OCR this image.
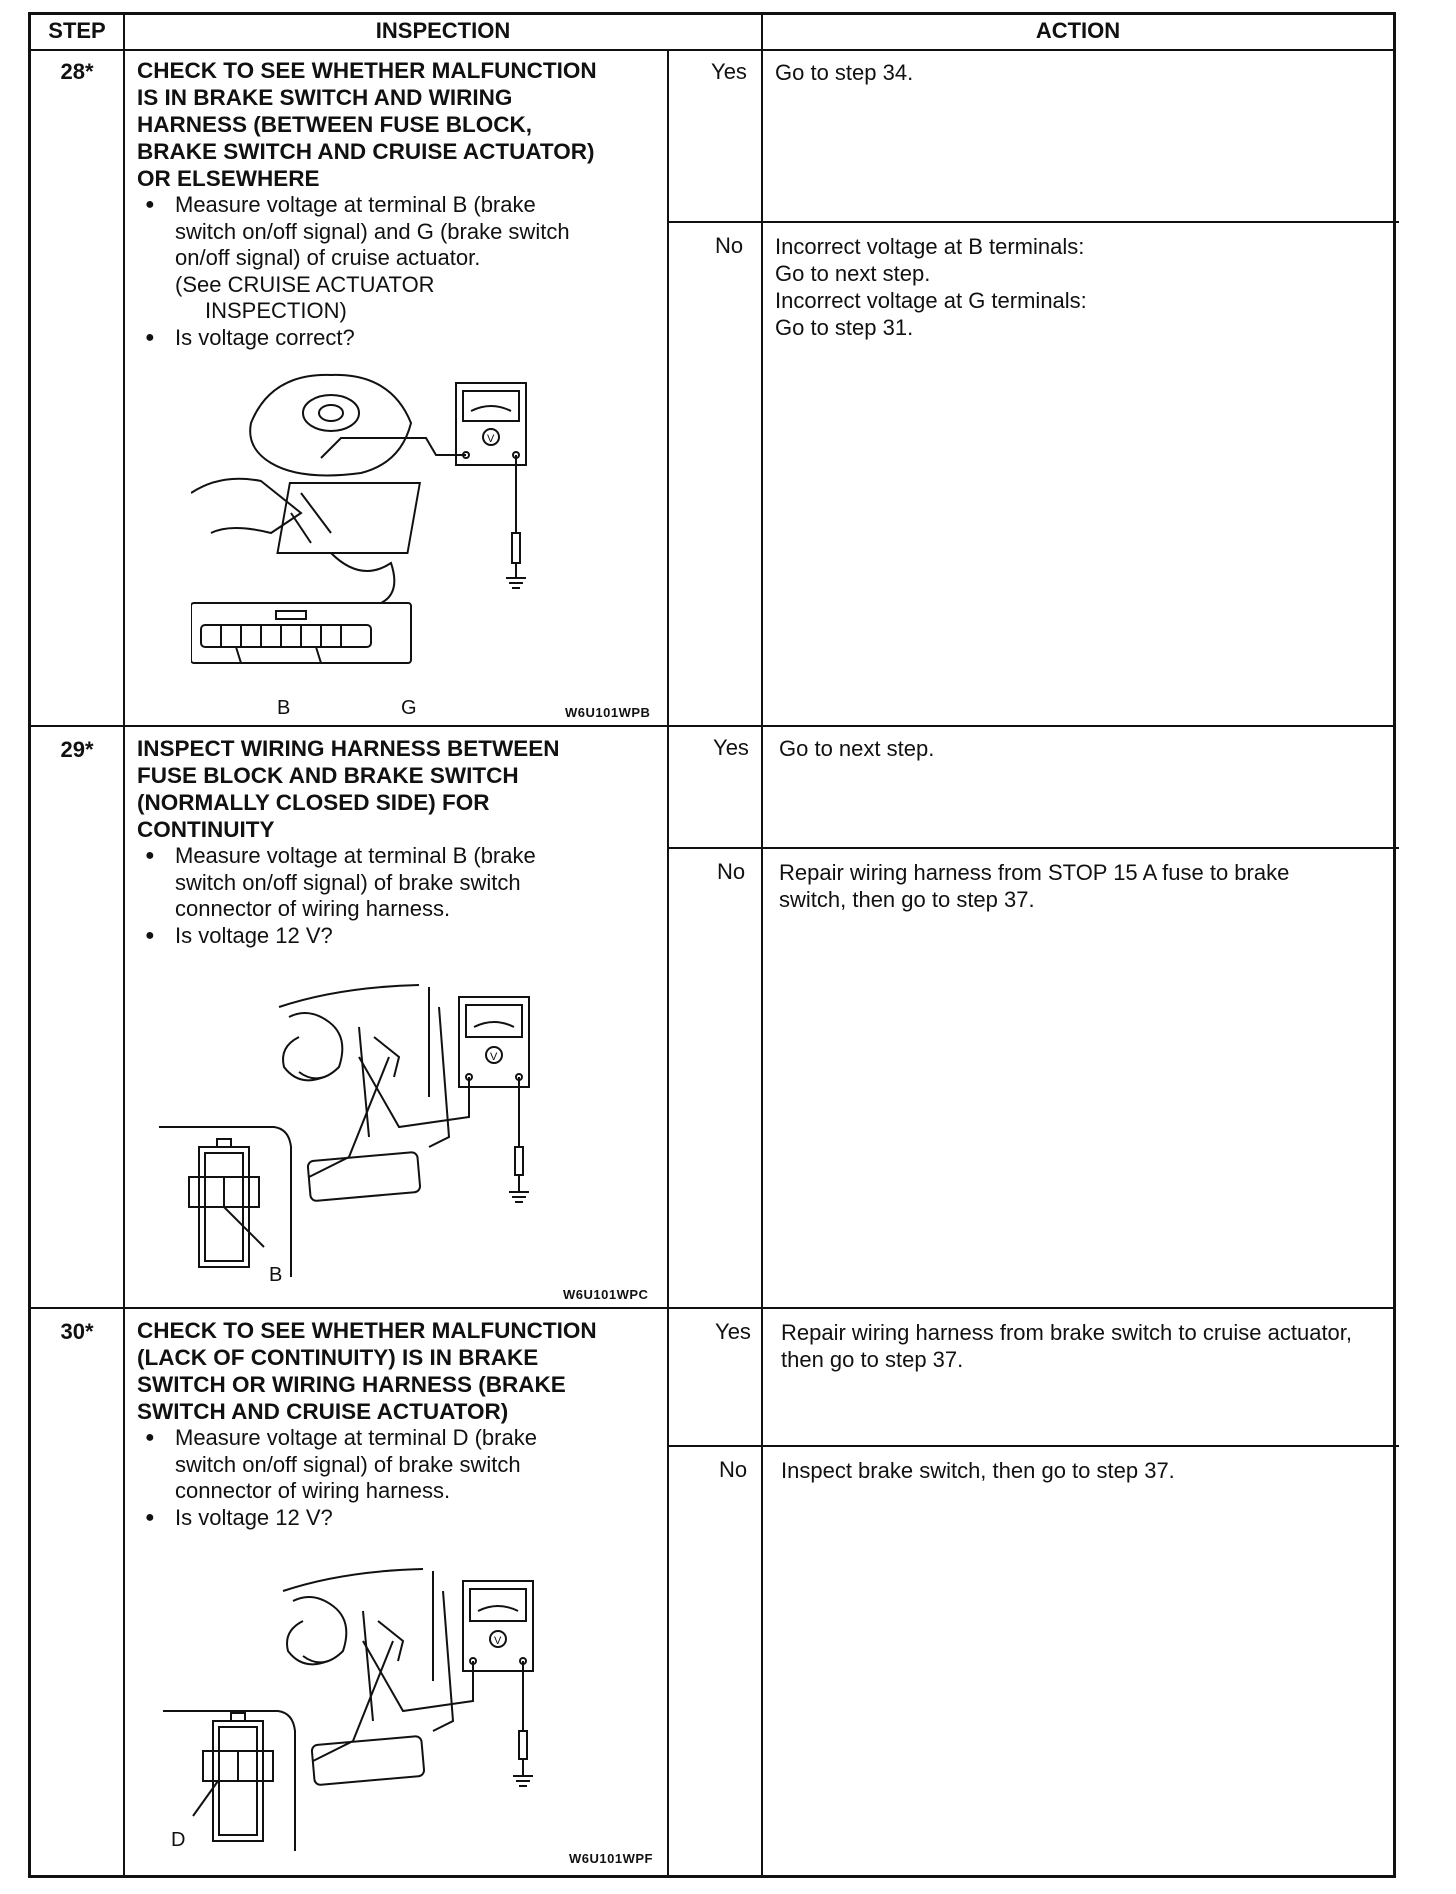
STEP	INSPECTION	ACTION
28*	CHECK TO SEE WHETHER MALFUNCTION
IS IN BRAKE SWITCH AND WIRING
HARNESS (BETWEEN FUSE BLOCK,
BRAKE SWITCH AND CRUISE ACTUATOR)
OR ELSEWHERE
● Measure voltage at terminal B (brake
switch on/off signal) and G (brake switch
on/off signal) of cruise actuator.
(See CRUISE ACTUATOR
INSPECTION)
● Is voltage correct?
V
B	G	W6U101WPB
Yes	Go to step 34.
No	Incorrect voltage at B terminals:
Go to next step.
Incorrect voltage at G terminals:
Go to step 31.
29*	INSPECT WIRING HARNESS BETWEEN
FUSE BLOCK AND BRAKE SWITCH
(NORMALLY CLOSED SIDE) FOR
CONTINUITY
● Measure voltage at terminal B (brake
switch on/off signal) of brake switch
connector of wiring harness.
● Is voltage 12 V?
V
B
W6U101WPC
Yes	Go to next step.
No	Repair wiring harness from STOP 15 A fuse to brake
switch, then go to step 37.
30*	CHECK TO SEE WHETHER MALFUNCTION
(LACK OF CONTINUITY) IS IN BRAKE
SWITCH OR WIRING HARNESS (BRAKE
SWITCH AND CRUISE ACTUATOR)
● Measure voltage at terminal D (brake
switch on/off signal) of brake switch
connector of wiring harness.
● Is voltage 12 V?
V
D
W6U101WPF
Yes	Repair wiring harness from brake switch to cruise actuator,
then go to step 37.
No	Inspect brake switch, then go to step 37.
